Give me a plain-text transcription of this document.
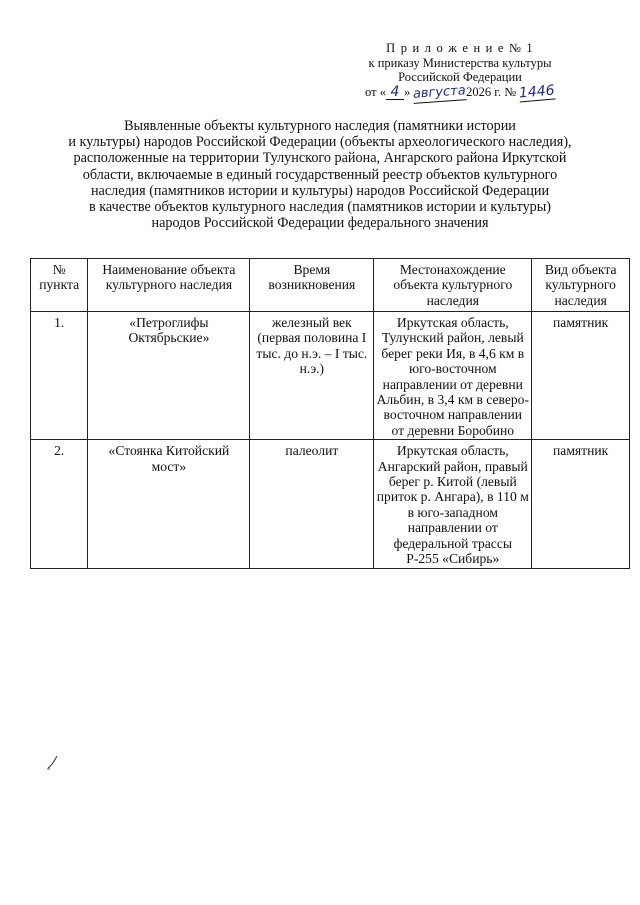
П р и л о ж е н и е № 1
к приказу Министерства культуры
Российской Федерации
от « 4 » августа2026 г. № 1446
Выявленные объекты культурного наследия (памятники истории
и культуры) народов Российской Федерации (объекты археологического наследия),
расположенные на территории Тулунского района, Ангарского района Иркутской
области, включаемые в единый государственный реестр объектов культурного
наследия (памятников истории и культуры) народов Российской Федерации
в качестве объектов культурного наследия (памятников истории и культуры)
народов Российской Федерации федерального значения
№ пункта	Наименование объекта культурного наследия	Время возникновения	Местонахождение объекта культурного наследия	Вид объекта культурного наследия
1.	«Петроглифы Октябрьские»	железный век (первая половина I тыс. до н.э. – I тыс. н.э.)	Иркутская область, Тулунский район, левый берег реки Ия, в 4,6 км в юго-восточном направлении от деревни Альбин, в 3,4 км в северо-восточном направлении от деревни Боробино	памятник
2.	«Стоянка Китойский мост»	палеолит	Иркутская область, Ангарский район, правый берег р. Китой (левый приток р. Ангара), в 110 м в юго-западном направлении от федеральной трассы Р-255 «Сибирь»	памятник
